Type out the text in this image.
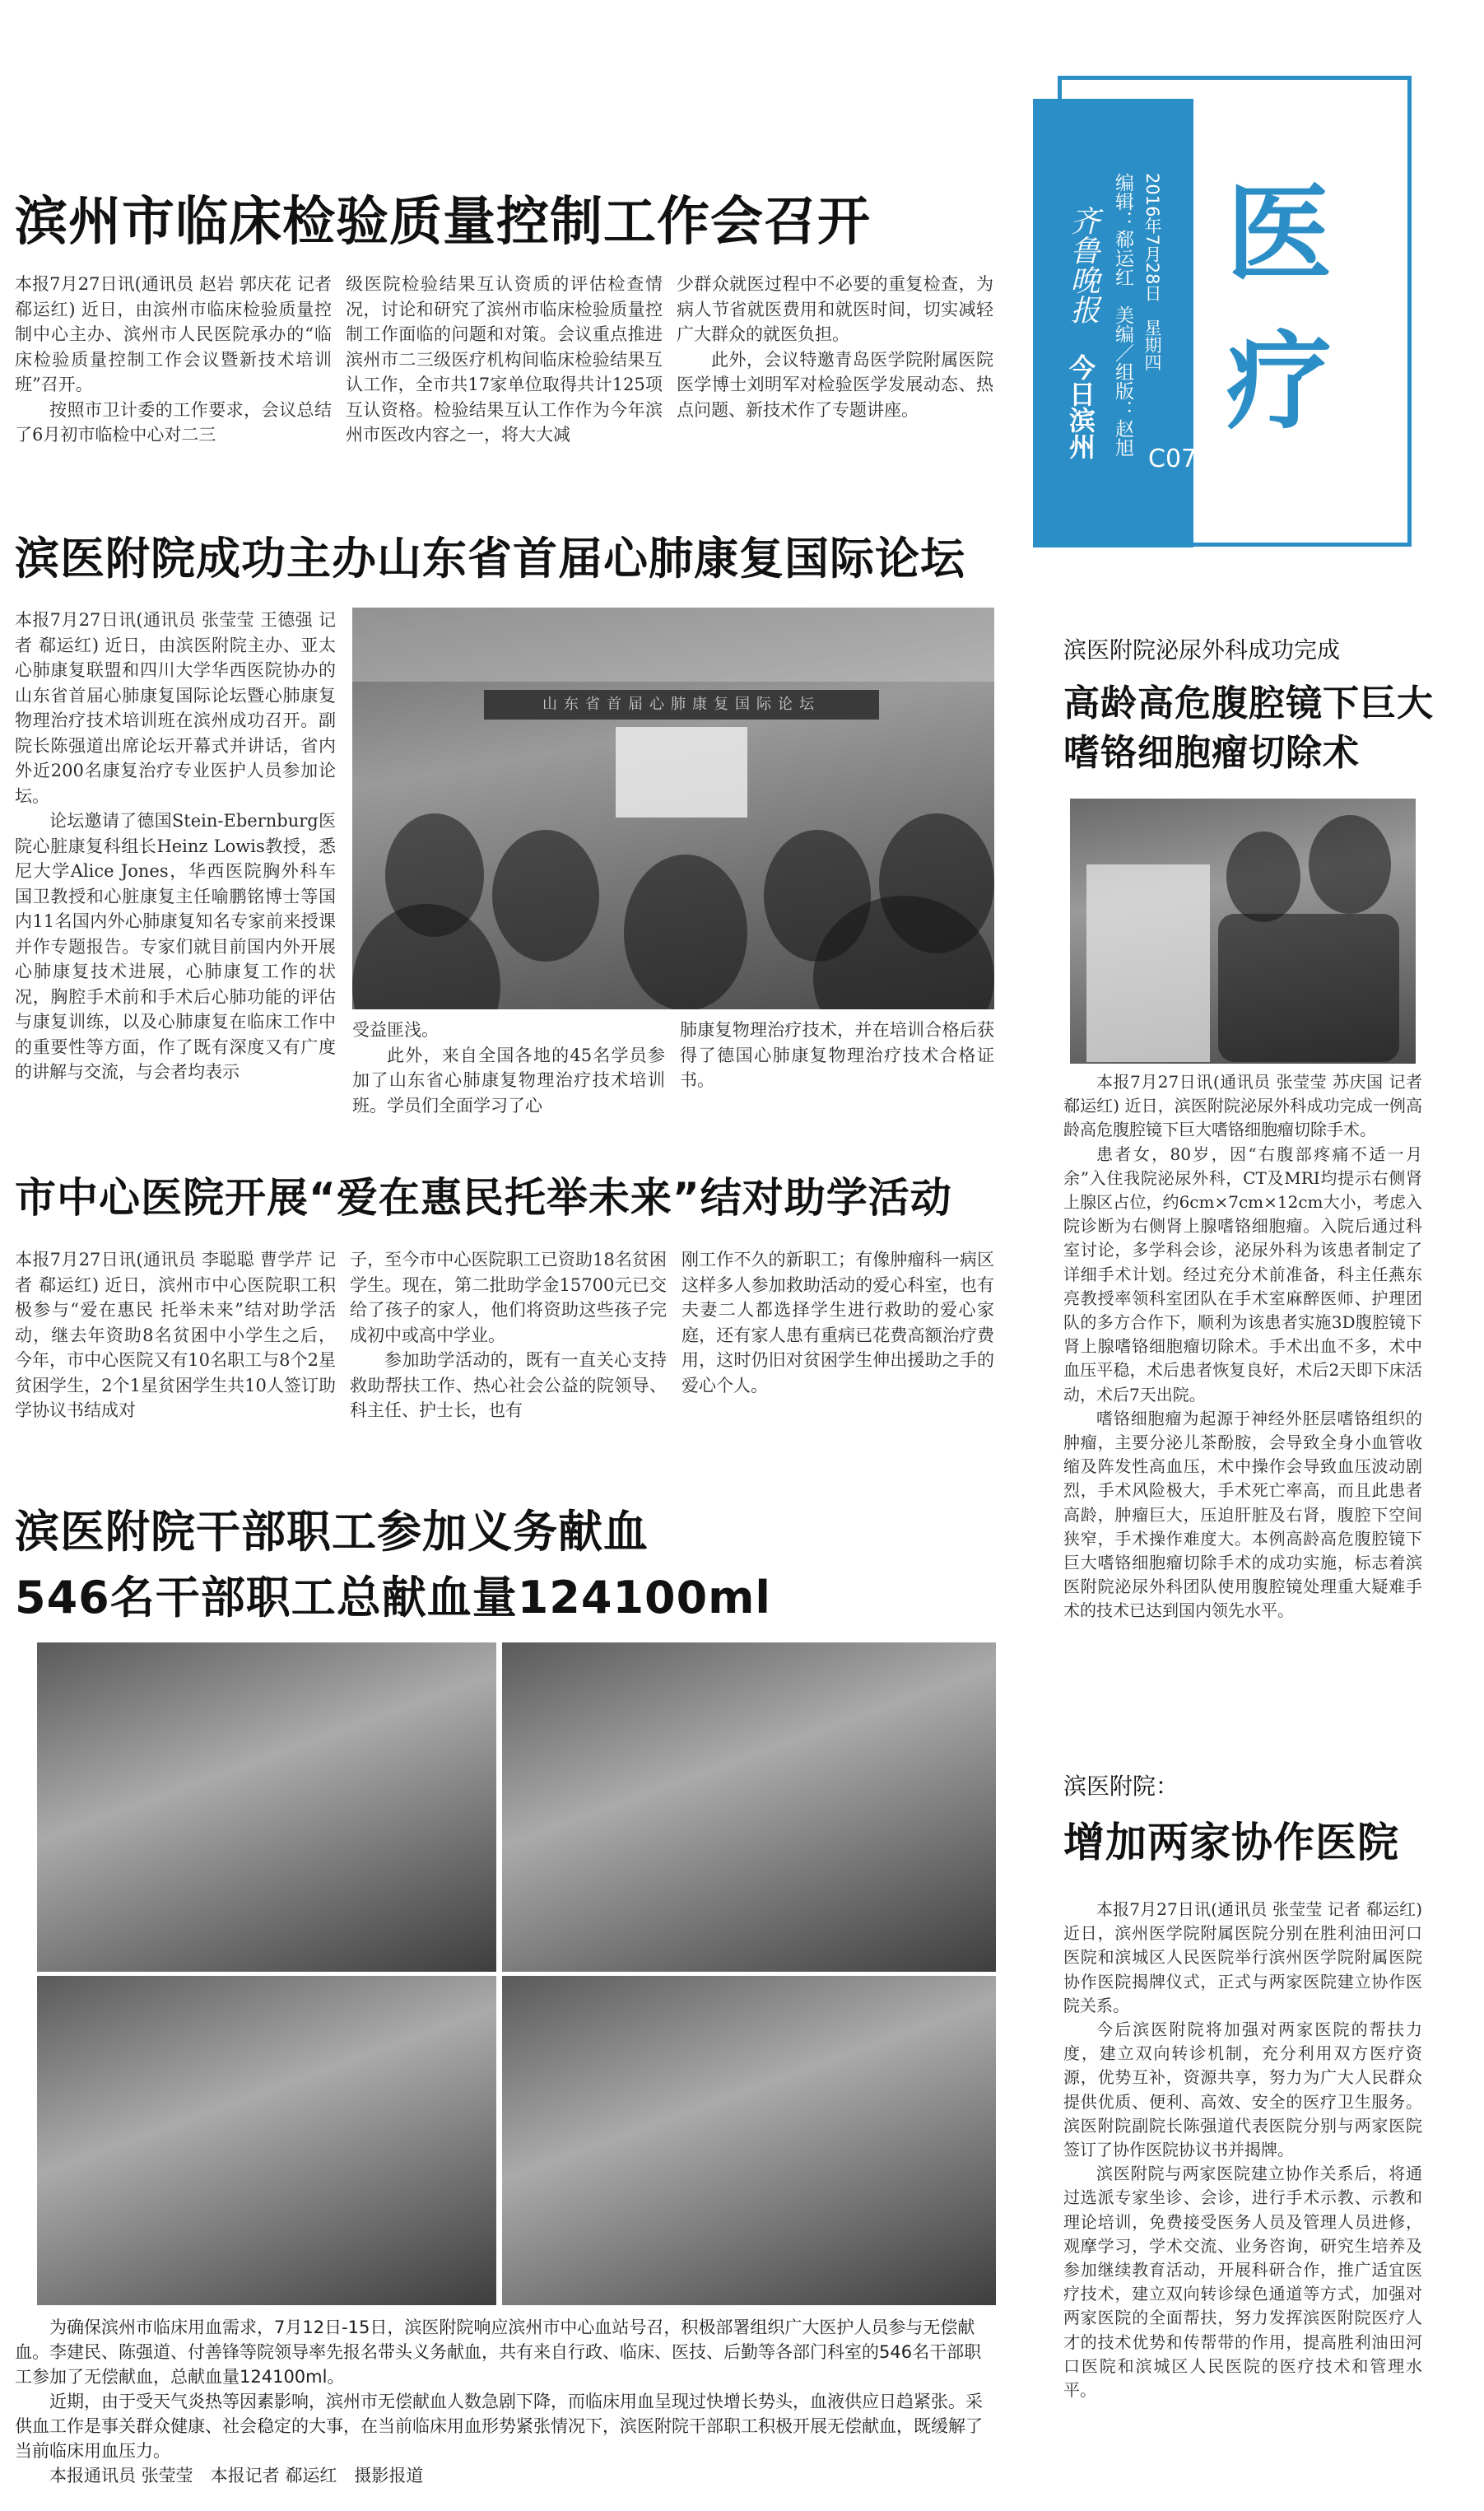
齐鲁晚报
今日滨州 编辑：郗运红　美编／组版：赵旭 2016年7月28日　星期四
C07
医
疗
滨州市临床检验质量控制工作会召开

本报7月27日讯(通讯员 赵岩 郭庆花 记者 郗运红) 近日，由滨州市临床检验质量控制中心主办、滨州市人民医院承办的“临床检验质量控制工作会议暨新技术培训班”召开。

按照市卫计委的工作要求，会议总结了6月初市临检中心对二三

级医院检验结果互认资质的评估检查情况，讨论和研究了滨州市临床检验质量控制工作面临的问题和对策。会议重点推进滨州市二三级医疗机构间临床检验结果互认工作，全市共17家单位取得共计125项互认资格。检验结果互认工作作为今年滨州市医改内容之一，将大大减

少群众就医过程中不必要的重复检查，为病人节省就医费用和就医时间，切实减轻广大群众的就医负担。

此外，会议特邀青岛医学院附属医院医学博士刘明军对检验医学发展动态、热点问题、新技术作了专题讲座。

滨医附院成功主办山东省首届心肺康复国际论坛

本报7月27日讯(通讯员 张莹莹 王德强 记者 郗运红) 近日，由滨医附院主办、亚太心肺康复联盟和四川大学华西医院协办的山东省首届心肺康复国际论坛暨心肺康复物理治疗技术培训班在滨州成功召开。副院长陈强道出席论坛开幕式并讲话，省内外近200名康复治疗专业医护人员参加论坛。

论坛邀请了德国Stein-Ebernburg医院心脏康复科组长Heinz Lowis教授，悉尼大学Alice Jones，华西医院胸外科车国卫教授和心脏康复主任喻鹏铭博士等国内11名国内外心肺康复知名专家前来授课并作专题报告。专家们就目前国内外开展心肺康复技术进展，心肺康复工作的状况，胸腔手术前和手术后心肺功能的评估与康复训练，以及心肺康复在临床工作中的重要性等方面，作了既有深度又有广度的讲解与交流，与会者均表示

山东省首届心肺康复国际论坛

受益匪浅。

此外，来自全国各地的45名学员参加了山东省心肺康复物理治疗技术培训班。学员们全面学习了心

肺康复物理治疗技术，并在培训合格后获得了德国心肺康复物理治疗技术合格证书。

市中心医院开展“爱在惠民托举未来”结对助学活动

本报7月27日讯(通讯员 李聪聪 曹学芹 记者 郗运红) 近日，滨州市中心医院职工积极参与“爱在惠民 托举未来”结对助学活动，继去年资助8名贫困中小学生之后，今年，市中心医院又有10名职工与8个2星贫困学生，2个1星贫困学生共10人签订助学协议书结成对

子，至今市中心医院职工已资助18名贫困学生。现在，第二批助学金15700元已交给了孩子的家人，他们将资助这些孩子完成初中或高中学业。

参加助学活动的，既有一直关心支持救助帮扶工作、热心社会公益的院领导、科主任、护士长，也有

刚工作不久的新职工；有像肿瘤科一病区这样多人参加救助活动的爱心科室，也有夫妻二人都选择学生进行救助的爱心家庭，还有家人患有重病已花费高额治疗费用，这时仍旧对贫困学生伸出援助之手的爱心个人。

滨医附院干部职工参加义务献血
546名干部职工总献血量124100ml

为确保滨州市临床用血需求，7月12日-15日，滨医附院响应滨州市中心血站号召，积极部署组织广大医护人员参与无偿献血。李建民、陈强道、付善锋等院领导率先报名带头义务献血，共有来自行政、临床、医技、后勤等各部门科室的546名干部职工参加了无偿献血，总献血量124100ml。

近期，由于受天气炎热等因素影响，滨州市无偿献血人数急剧下降，而临床用血呈现过快增长势头，血液供应日趋紧张。采供血工作是事关群众健康、社会稳定的大事，在当前临床用血形势紧张情况下，滨医附院干部职工积极开展无偿献血，既缓解了当前临床用血压力。

本报通讯员 张莹莹　本报记者 郗运红　摄影报道

滨医附院泌尿外科成功完成
高龄高危腹腔镜下巨大
嗜铬细胞瘤切除术

本报7月27日讯(通讯员 张莹莹 苏庆国 记者 郗运红) 近日，滨医附院泌尿外科成功完成一例高龄高危腹腔镜下巨大嗜铬细胞瘤切除手术。

患者女，80岁，因“右腹部疼痛不适一月余”入住我院泌尿外科，CT及MRI均提示右侧肾上腺区占位，约6cm×7cm×12cm大小，考虑入院诊断为右侧肾上腺嗜铬细胞瘤。入院后通过科室讨论，多学科会诊，泌尿外科为该患者制定了详细手术计划。经过充分术前准备，科主任燕东亮教授率领科室团队在手术室麻醉医师、护理团队的多方合作下，顺利为该患者实施3D腹腔镜下肾上腺嗜铬细胞瘤切除术。手术出血不多，术中血压平稳，术后患者恢复良好，术后2天即下床活动，术后7天出院。

嗜铬细胞瘤为起源于神经外胚层嗜铬组织的肿瘤，主要分泌儿茶酚胺，会导致全身小血管收缩及阵发性高血压，术中操作会导致血压波动剧烈，手术风险极大，手术死亡率高，而且此患者高龄，肿瘤巨大，压迫肝脏及右肾，腹腔下空间狭窄，手术操作难度大。本例高龄高危腹腔镜下巨大嗜铬细胞瘤切除手术的成功实施，标志着滨医附院泌尿外科团队使用腹腔镜处理重大疑难手术的技术已达到国内领先水平。

滨医附院：
增加两家协作医院

本报7月27日讯(通讯员 张莹莹 记者 郗运红) 近日，滨州医学院附属医院分别在胜利油田河口医院和滨城区人民医院举行滨州医学院附属医院协作医院揭牌仪式，正式与两家医院建立协作医院关系。

今后滨医附院将加强对两家医院的帮扶力度，建立双向转诊机制，充分利用双方医疗资源，优势互补，资源共享，努力为广大人民群众提供优质、便利、高效、安全的医疗卫生服务。滨医附院副院长陈强道代表医院分别与两家医院签订了协作医院协议书并揭牌。

滨医附院与两家医院建立协作关系后，将通过选派专家坐诊、会诊，进行手术示教、示教和理论培训，免费接受医务人员及管理人员进修，观摩学习，学术交流、业务咨询，研究生培养及参加继续教育活动，开展科研合作，推广适宜医疗技术，建立双向转诊绿色通道等方式，加强对两家医院的全面帮扶，努力发挥滨医附院医疗人才的技术优势和传帮带的作用，提高胜利油田河口医院和滨城区人民医院的医疗技术和管理水平。
